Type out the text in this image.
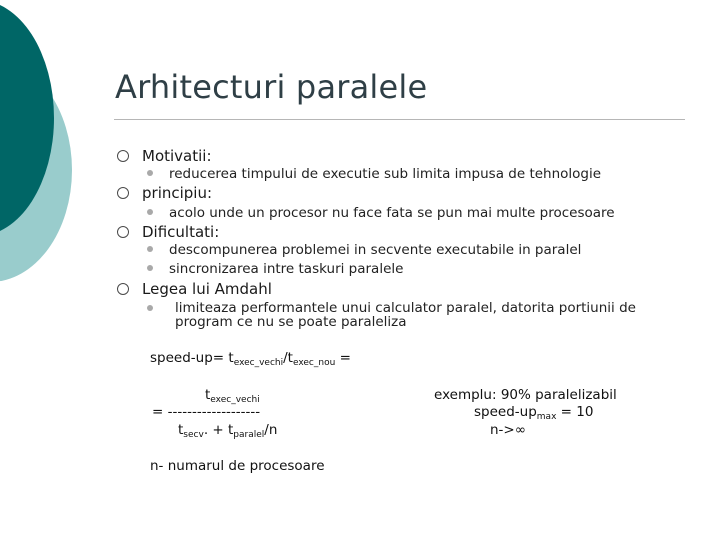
Arhitecturi paralele
Motivatii:
reducerea timpului de executie sub limita impusa de tehnologie
principiu:
acolo unde un procesor nu face fata se pun mai multe procesoare
Dificultati:
descompunerea problemei in secvente executabile in paralel
sincronizarea intre taskuri paralele
Legea lui Amdahl
limiteaza performantele unui calculator paralel, datorita portiunii de program ce nu se poate paraleliza
speed-up= $t_{exec\_vechi}/t_{exec\_nou}$ =
$t_{exec\_vechi}$
= -------------------
$t_{secv}$. + $t_{paralel}/n$
n- numarul de procesoare
exemplu: 90% paralelizabil
speed-$up_{max} = 10$
n->∞
